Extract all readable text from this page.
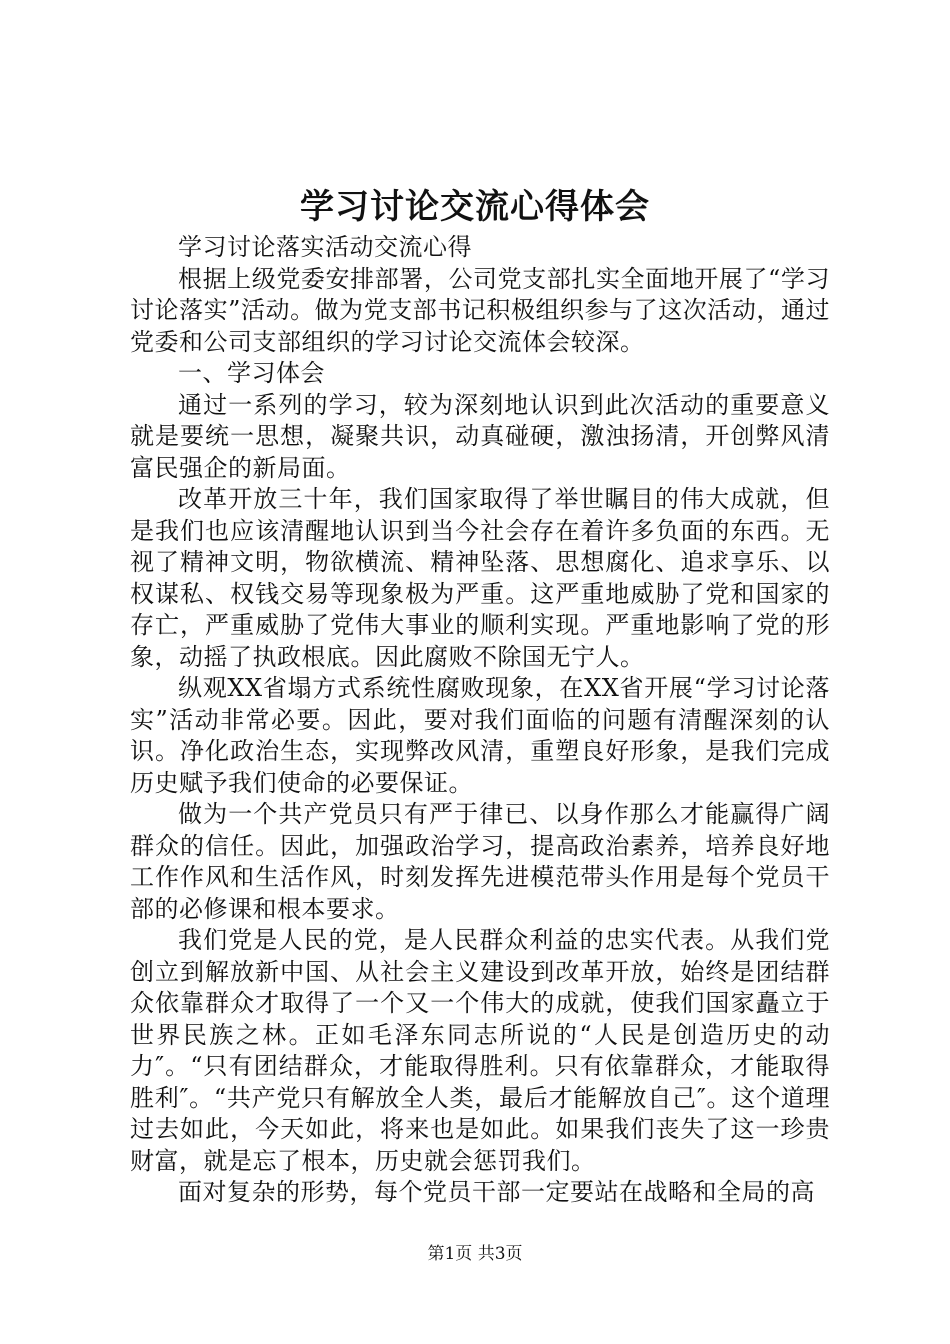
学习讨论交流心得体会

学习讨论落实活动交流心得

根据上级党委安排部署，公司党支部扎实全面地开展了“学习讨论落实”活动。做为党支部书记积极组织参与了这次活动，通过党委和公司支部组织的学习讨论交流体会较深。

一、学习体会

通过一系列的学习，较为深刻地认识到此次活动的重要意义就是要统一思想，凝聚共识，动真碰硬，激浊扬清，开创弊风清富民强企的新局面。

改革开放三十年，我们国家取得了举世瞩目的伟大成就，但是我们也应该清醒地认识到当今社会存在着许多负面的东西。无视了精神文明，物欲横流、精神坠落、思想腐化、追求享乐、以权谋私、权钱交易等现象极为严重。这严重地威胁了党和国家的存亡，严重威胁了党伟大事业的顺利实现。严重地影响了党的形象，动摇了执政根底。因此腐败不除国无宁人。

纵观XX省塌方式系统性腐败现象，在XX省开展“学习讨论落实”活动非常必要。因此，要对我们面临的问题有清醒深刻的认识。净化政治生态，实现弊改风清，重塑良好形象，是我们完成历史赋予我们使命的必要保证。

做为一个共产党员只有严于律已、以身作那么才能赢得广阔群众的信任。因此，加强政治学习，提高政治素养，培养良好地工作作风和生活作风，时刻发挥先进模范带头作用是每个党员干部的必修课和根本要求。

我们党是人民的党，是人民群众利益的忠实代表。从我们党创立到解放新中国、从社会主义建设到改革开放，始终是团结群众依靠群众才取得了一个又一个伟大的成就，使我们国家矗立于世界民族之林。正如毛泽东同志所说的“人民是创造历史的动力″。“只有团结群众，才能取得胜利。只有依靠群众，才能取得胜利″。“共产党只有解放全人类，最后才能解放自己″。这个道理过去如此，今天如此，将来也是如此。如果我们丧失了这一珍贵财富，就是忘了根本，历史就会惩罚我们。

面对复杂的形势，每个党员干部一定要站在战略和全局的高

第1页 共3页
